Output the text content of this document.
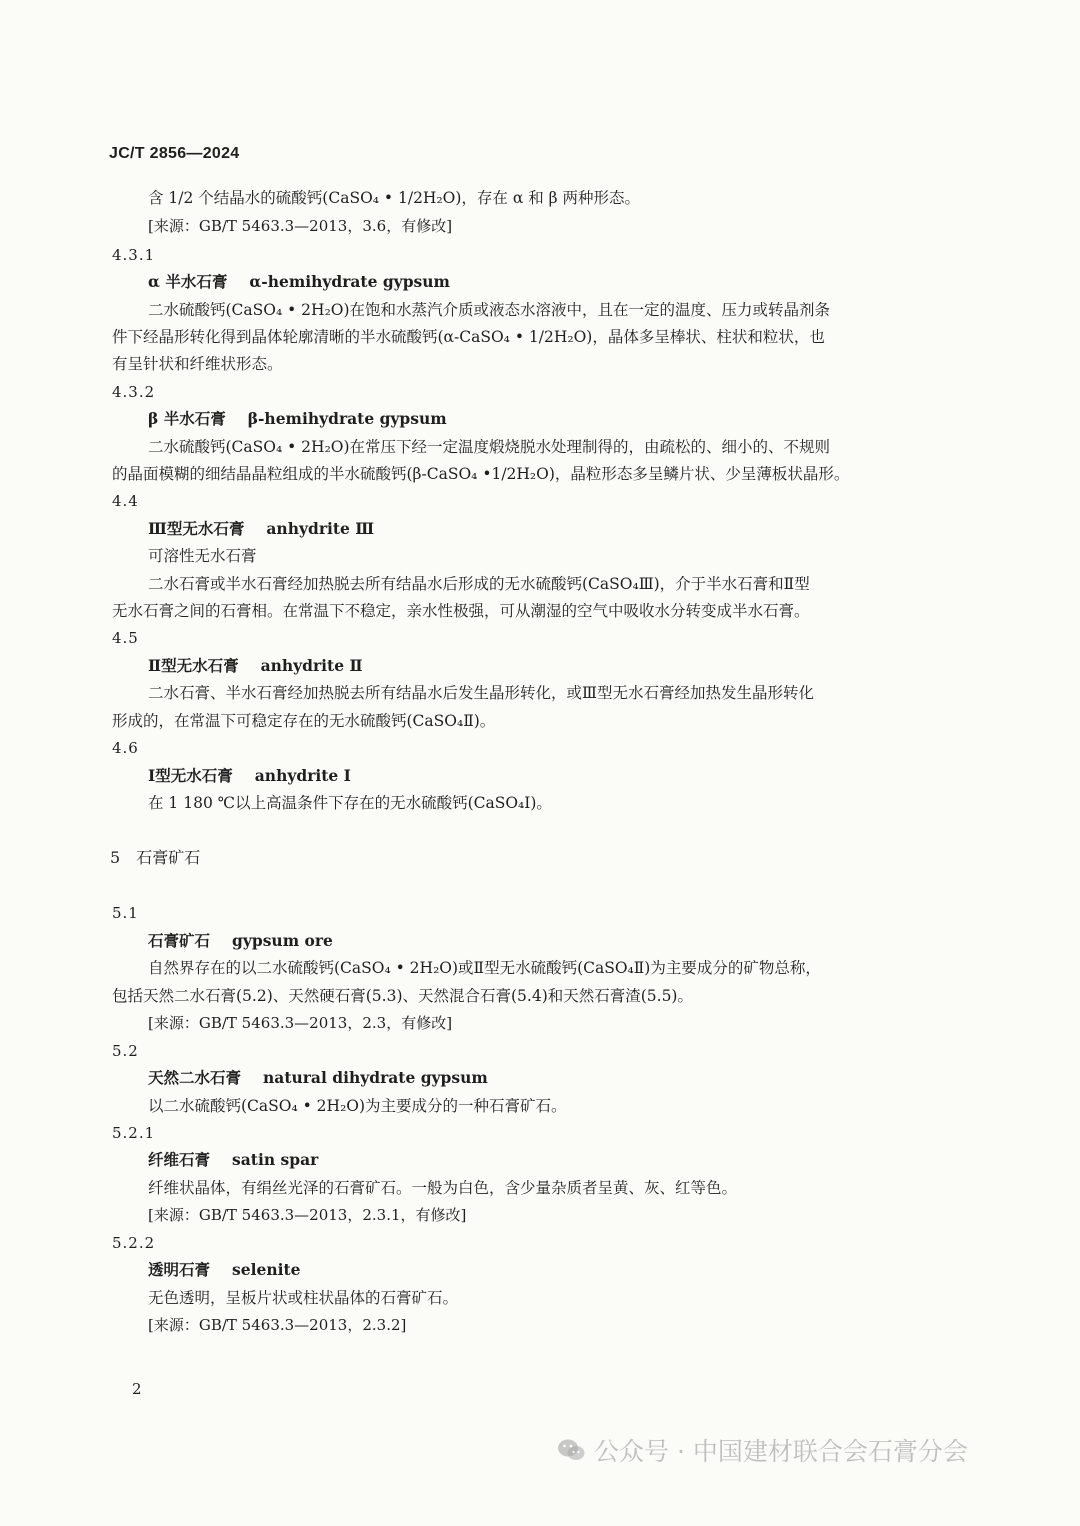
JC/T 2856—2024
含 1/2 个结晶水的硫酸钙(CaSO₄ • 1/2H₂O)，存在 α 和 β 两种形态。
[来源：GB/T 5463.3—2013，3.6，有修改]
4.3.1
α 半水石膏 α-hemihydrate gypsum
二水硫酸钙(CaSO₄ • 2H₂O)在饱和水蒸汽介质或液态水溶液中，且在一定的温度、压力或转晶剂条
件下经晶形转化得到晶体轮廓清晰的半水硫酸钙(α-CaSO₄ • 1/2H₂O)，晶体多呈棒状、柱状和粒状，也
有呈针状和纤维状形态。
4.3.2
β 半水石膏 β-hemihydrate gypsum
二水硫酸钙(CaSO₄ • 2H₂O)在常压下经一定温度煅烧脱水处理制得的，由疏松的、细小的、不规则
的晶面模糊的细结晶晶粒组成的半水硫酸钙(β-CaSO₄ •1/2H₂O)，晶粒形态多呈鳞片状、少呈薄板状晶形。
4.4
Ⅲ型无水石膏 anhydrite Ⅲ
可溶性无水石膏
二水石膏或半水石膏经加热脱去所有结晶水后形成的无水硫酸钙(CaSO₄Ⅲ)，介于半水石膏和Ⅱ型
无水石膏之间的石膏相。在常温下不稳定，亲水性极强，可从潮湿的空气中吸收水分转变成半水石膏。
4.5
Ⅱ型无水石膏 anhydrite Ⅱ
二水石膏、半水石膏经加热脱去所有结晶水后发生晶形转化，或Ⅲ型无水石膏经加热发生晶形转化
形成的，在常温下可稳定存在的无水硫酸钙(CaSO₄Ⅱ)。
4.6
Ⅰ型无水石膏 anhydrite Ⅰ
在 1 180 ℃以上高温条件下存在的无水硫酸钙(CaSO₄Ⅰ)。
5 石膏矿石
5.1
石膏矿石 gypsum ore
自然界存在的以二水硫酸钙(CaSO₄ • 2H₂O)或Ⅱ型无水硫酸钙(CaSO₄Ⅱ)为主要成分的矿物总称，
包括天然二水石膏(5.2)、天然硬石膏(5.3)、天然混合石膏(5.4)和天然石膏渣(5.5)。
[来源：GB/T 5463.3—2013，2.3，有修改]
5.2
天然二水石膏 natural dihydrate gypsum
以二水硫酸钙(CaSO₄ • 2H₂O)为主要成分的一种石膏矿石。
5.2.1
纤维石膏 satin spar
纤维状晶体，有绢丝光泽的石膏矿石。一般为白色，含少量杂质者呈黄、灰、红等色。
[来源：GB/T 5463.3—2013，2.3.1，有修改]
5.2.2
透明石膏 selenite
无色透明，呈板片状或柱状晶体的石膏矿石。
[来源：GB/T 5463.3—2013，2.3.2]
2
公众号 · 中国建材联合会石膏分会
